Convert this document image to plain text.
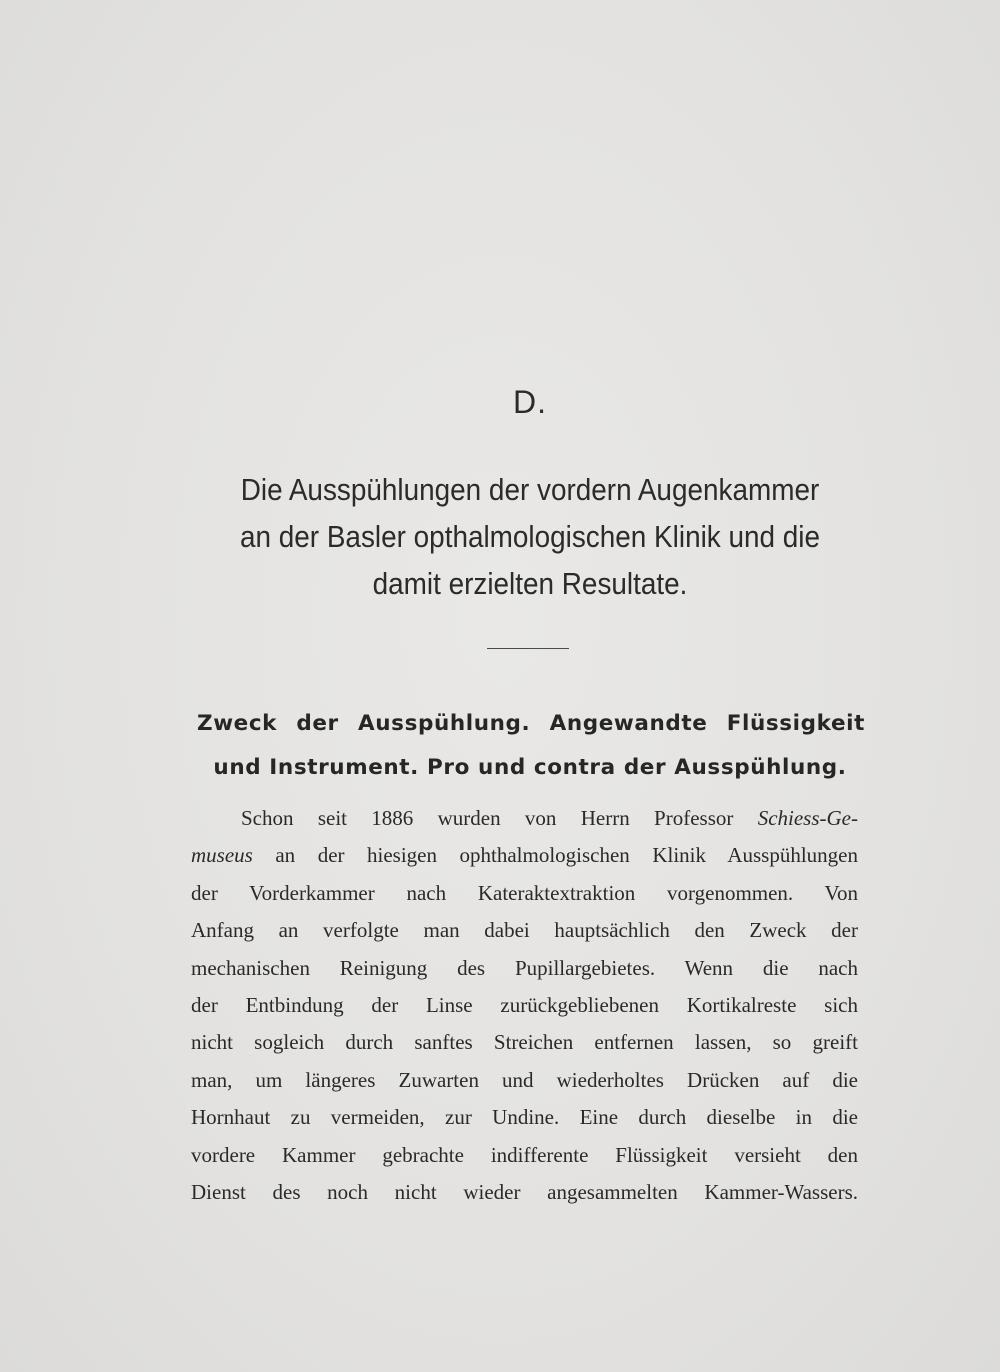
D.
Die Ausspühlungen der vordern Augenkammer
an der Basler opthalmologischen Klinik und die
damit erzielten Resultate.
Zweck der Ausspühlung. Angewandte Flüssigkeit
und Instrument. Pro und contra der Ausspühlung.
Schon seit 1886 wurden von Herrn Professor Schiess-Ge-
museus an der hiesigen ophthalmologischen Klinik Ausspühlungen
der Vorderkammer nach Kateraktextraktion vorgenommen. Von
Anfang an verfolgte man dabei hauptsächlich den Zweck der
mechanischen Reinigung des Pupillargebietes. Wenn die nach
der Entbindung der Linse zurückgebliebenen Kortikalreste sich
nicht sogleich durch sanftes Streichen entfernen lassen, so greift
man, um längeres Zuwarten und wiederholtes Drücken auf die
Hornhaut zu vermeiden, zur Undine. Eine durch dieselbe in die
vordere Kammer gebrachte indifferente Flüssigkeit versieht den
Dienst des noch nicht wieder angesammelten Kammer-Wassers.
